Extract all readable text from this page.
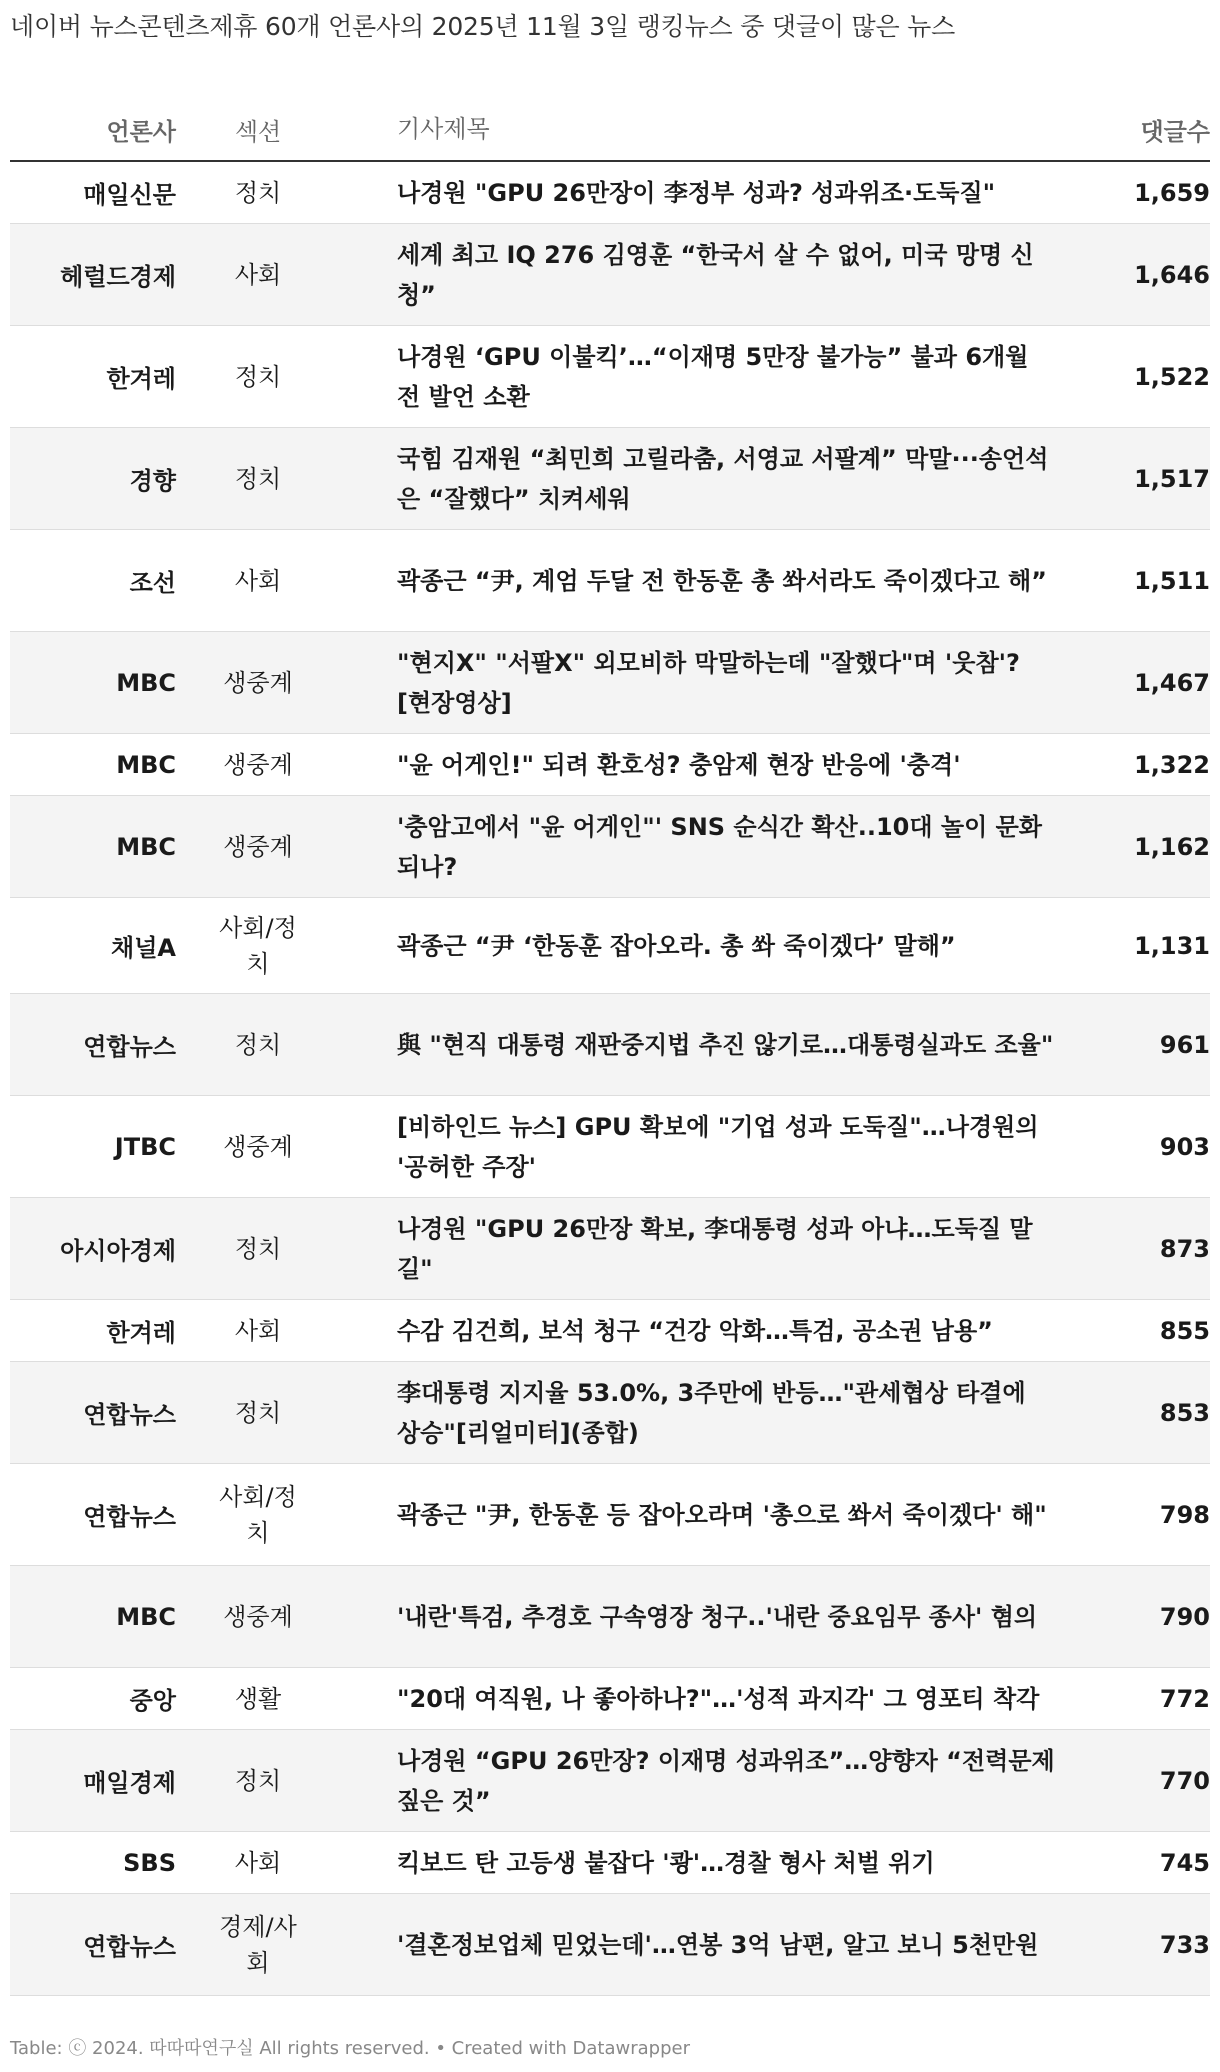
네이버 뉴스콘텐츠제휴 60개 언론사의 2025년 11월 3일 랭킹뉴스 중 댓글이 많은 뉴스
언론사	섹션	기사제목	댓글수
매일신문	정치	나경원 "GPU 26만장이 李정부 성과? 성과위조·도둑질"	1,659
헤럴드경제	사회	세계 최고 IQ 276 김영훈 “한국서 살 수 없어, 미국 망명 신청”	1,646
한겨레	정치	나경원 ‘GPU 이불킥’…“이재명 5만장 불가능” 불과 6개월 전 발언 소환	1,522
경향	정치	국힘 김재원 “최민희 고릴라춤, 서영교 서팔계” 막말···송언석은 “잘했다” 치켜세워	1,517
조선	사회	곽종근 “尹, 계엄 두달 전 한동훈 총 쏴서라도 죽이겠다고 해”	1,511
MBC	생중계	"현지X" "서팔X" 외모비하 막말하는데 "잘했다"며 '웃참'? [현장영상]	1,467
MBC	생중계	"윤 어게인!" 되려 환호성? 충암제 현장 반응에 '충격'	1,322
MBC	생중계	'충암고에서 "윤 어게인"' SNS 순식간 확산..10대 놀이 문화되나?	1,162
채널A	사회/정치	곽종근 “尹 ‘한동훈 잡아오라. 총 쏴 죽이겠다’ 말해”	1,131
연합뉴스	정치	與 "현직 대통령 재판중지법 추진 않기로…대통령실과도 조율"	961
JTBC	생중계	[비하인드 뉴스] GPU 확보에 "기업 성과 도둑질"…나경원의 '공허한 주장'	903
아시아경제	정치	나경원 "GPU 26만장 확보, 李대통령 성과 아냐…도둑질 말길"	873
한겨레	사회	수감 김건희, 보석 청구 “건강 악화…특검, 공소권 남용”	855
연합뉴스	정치	李대통령 지지율 53.0%, 3주만에 반등…"관세협상 타결에 상승"[리얼미터](종합)	853
연합뉴스	사회/정치	곽종근 "尹, 한동훈 등 잡아오라며 '총으로 쏴서 죽이겠다' 해"	798
MBC	생중계	'내란'특검, 추경호 구속영장 청구..'내란 중요임무 종사' 혐의	790
중앙	생활	"20대 여직원, 나 좋아하나?"…'성적 과지각' 그 영포티 착각	772
매일경제	정치	나경원 “GPU 26만장? 이재명 성과위조”…양향자 “전력문제 짚은 것”	770
SBS	사회	킥보드 탄 고등생 붙잡다 '쾅'…경찰 형사 처벌 위기	745
연합뉴스	경제/사회	'결혼정보업체 믿었는데'…연봉 3억 남편, 알고 보니 5천만원	733
Table: ⓒ 2024. 따따따연구실 All rights reserved. • Created with Datawrapper
